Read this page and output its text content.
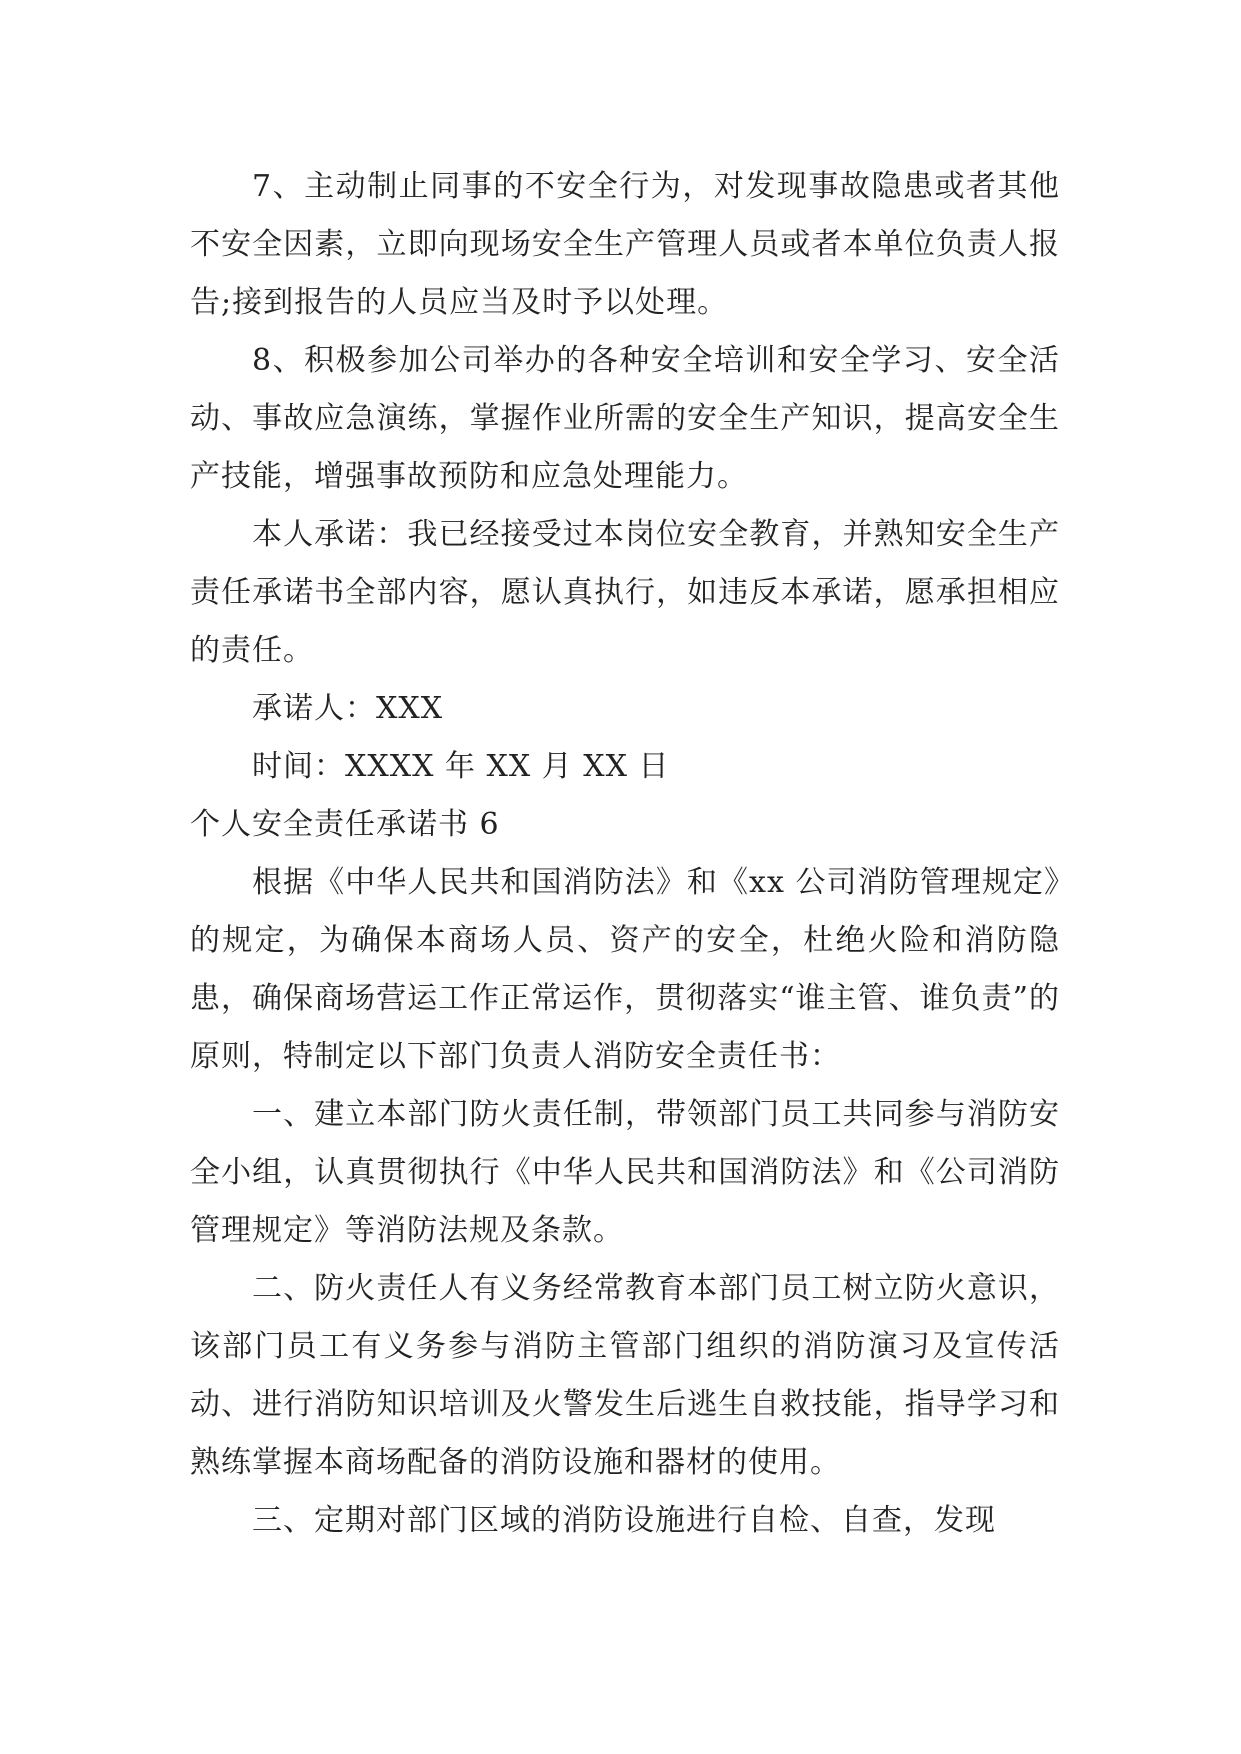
7、主动制止同事的不安全行为，对发现事故隐患或者其他不安全因素，立即向现场安全生产管理人员或者本单位负责人报告;接到报告的人员应当及时予以处理。

8、积极参加公司举办的各种安全培训和安全学习、安全活动、事故应急演练，掌握作业所需的安全生产知识，提高安全生产技能，增强事故预防和应急处理能力。

本人承诺：我已经接受过本岗位安全教育，并熟知安全生产责任承诺书全部内容，愿认真执行，如违反本承诺，愿承担相应的责任。

承诺人：XXX

时间：XXXX 年 XX 月 XX 日

个人安全责任承诺书 6

根据《中华人民共和国消防法》和《xx 公司消防管理规定》的规定，为确保本商场人员、资产的安全，杜绝火险和消防隐患，确保商场营运工作正常运作，贯彻落实“谁主管、谁负责”的原则，特制定以下部门负责人消防安全责任书：

一、建立本部门防火责任制，带领部门员工共同参与消防安全小组，认真贯彻执行《中华人民共和国消防法》和《公司消防管理规定》等消防法规及条款。

二、防火责任人有义务经常教育本部门员工树立防火意识，该部门员工有义务参与消防主管部门组织的消防演习及宣传活动、进行消防知识培训及火警发生后逃生自救技能，指导学习和熟练掌握本商场配备的消防设施和器材的使用。

三、定期对部门区域的消防设施进行自检、自查，发现
